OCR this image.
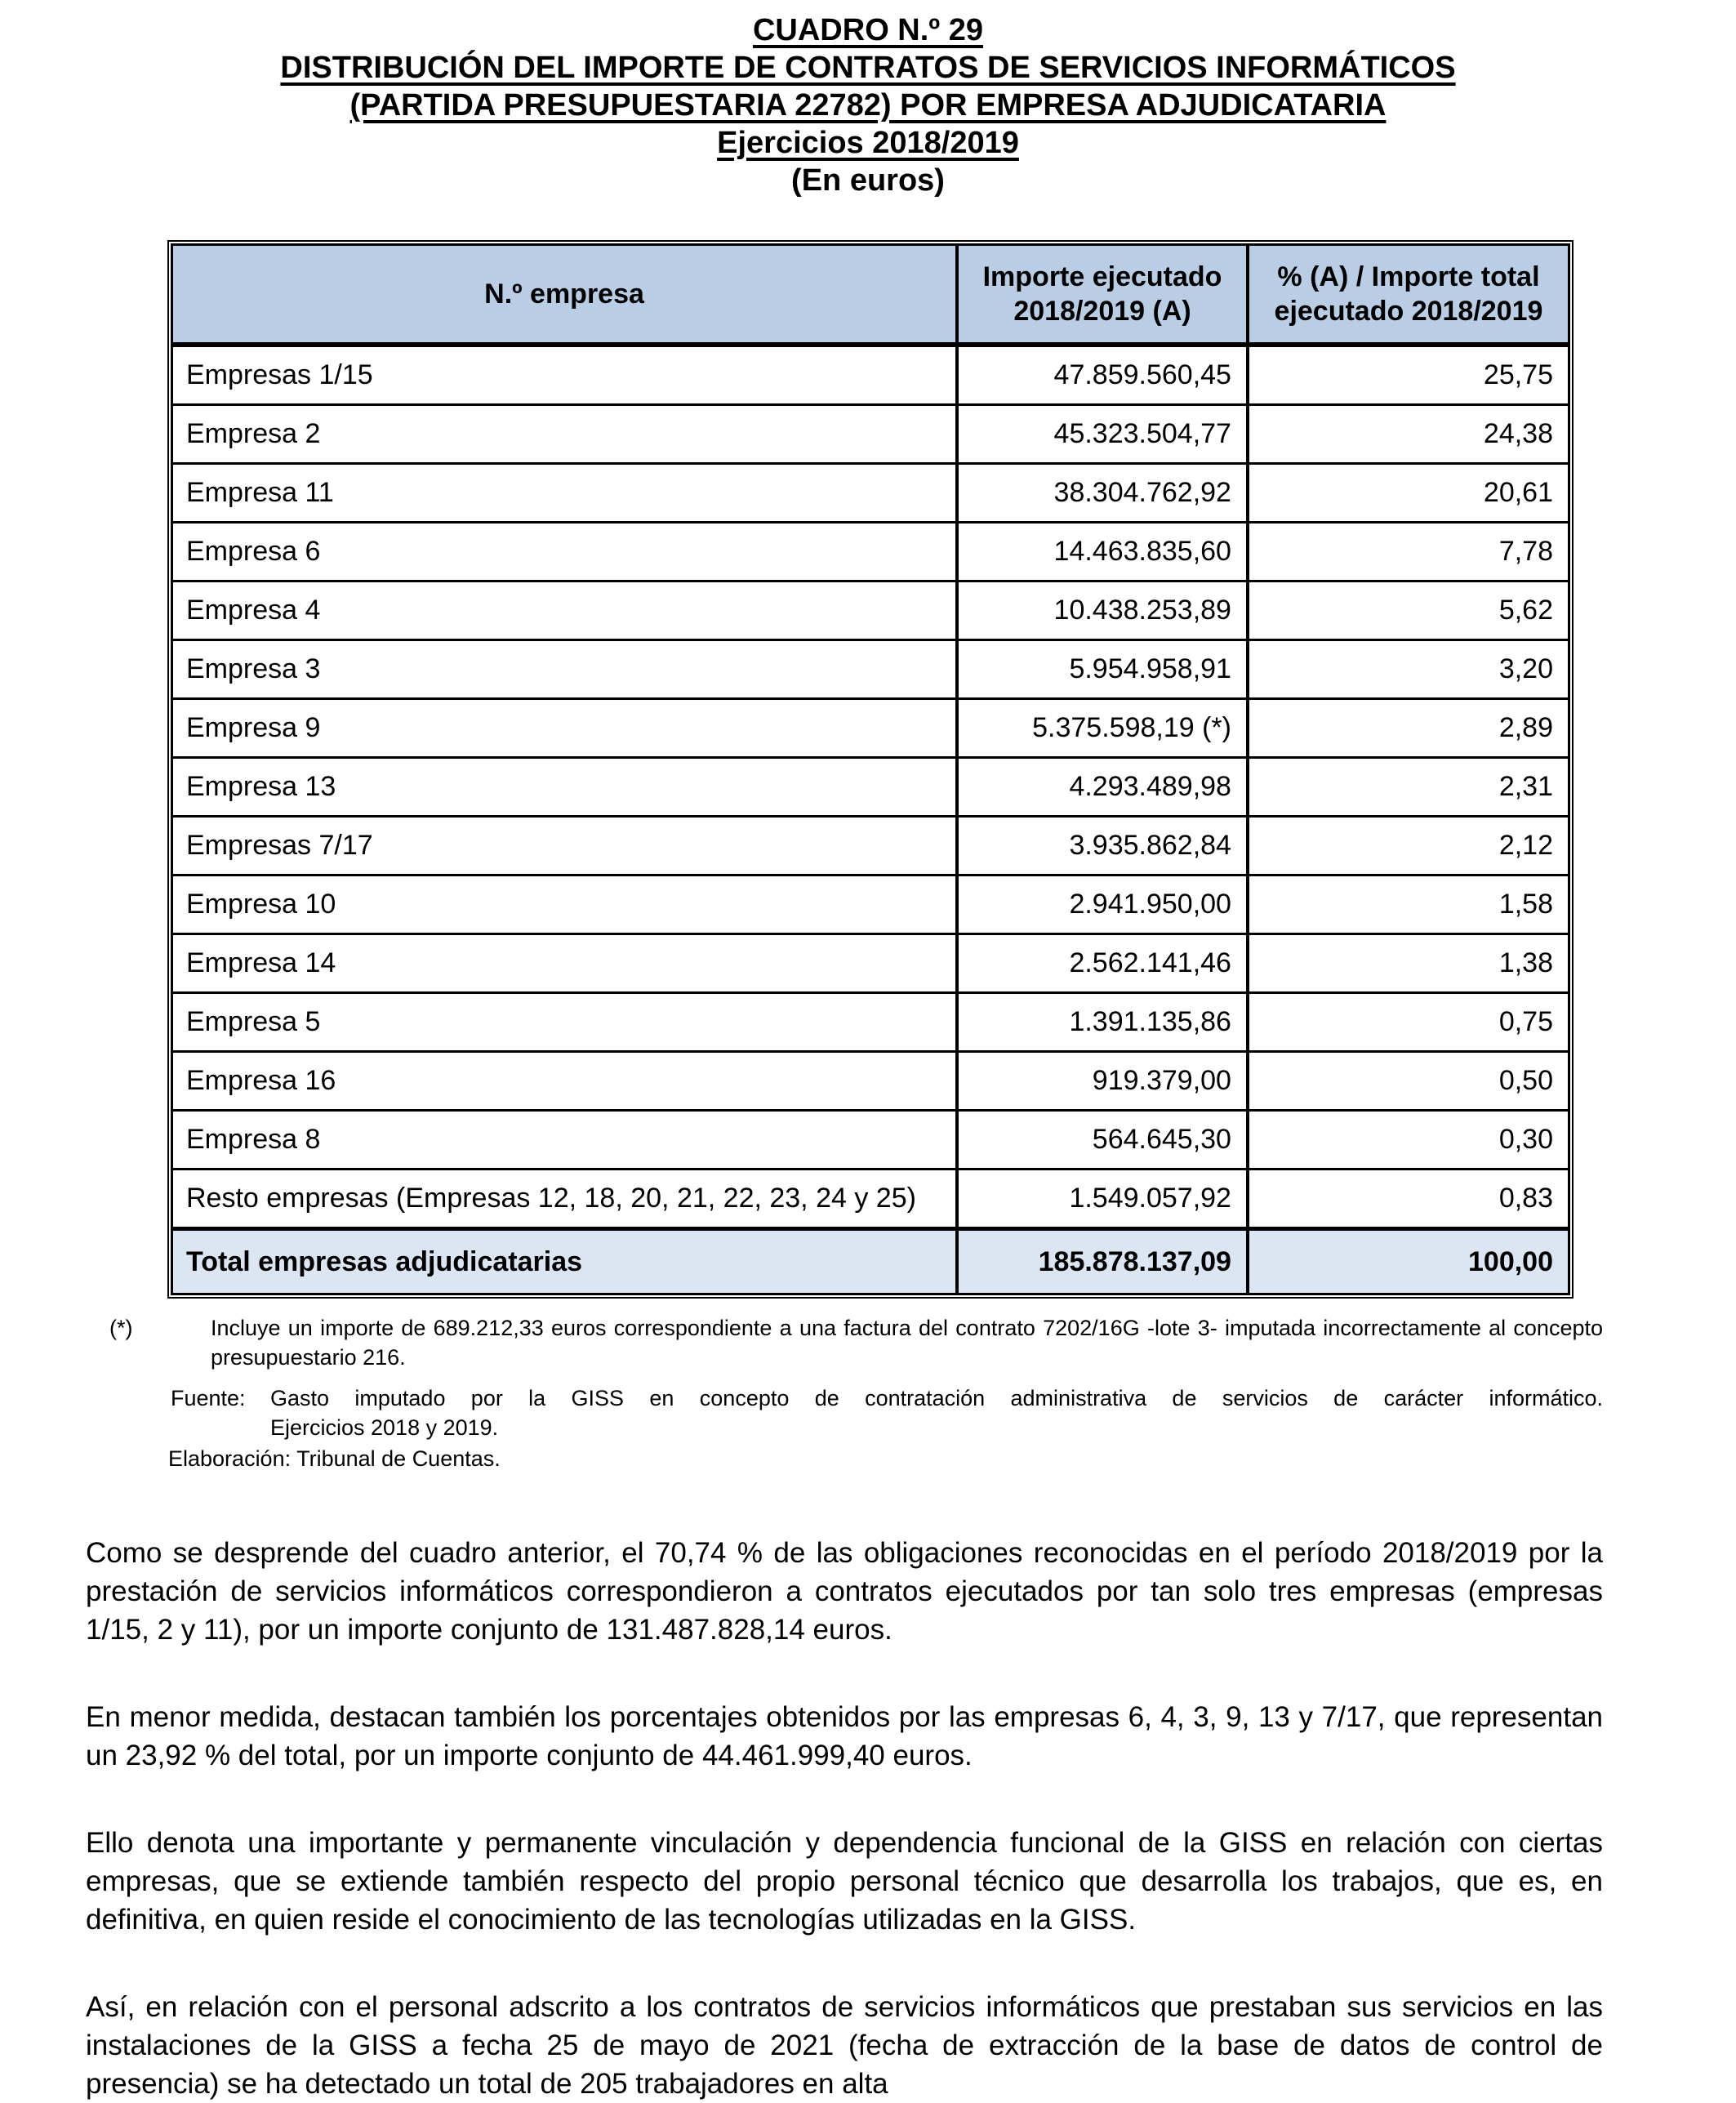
CUADRO N.º 29
DISTRIBUCIÓN DEL IMPORTE DE CONTRATOS DE SERVICIOS INFORMÁTICOS
(PARTIDA PRESUPUESTARIA 22782) POR EMPRESA ADJUDICATARIA
Ejercicios 2018/2019
(En euros)
N.º empresa

Importe ejecutado
2018/2019 (A)

% (A) / Importe total
ejecutado 2018/2019

Empresas 1/15	47.859.560,45	25,75
Empresa 2	45.323.504,77	24,38
Empresa 11	38.304.762,92	20,61
Empresa 6	14.463.835,60	7,78
Empresa 4	10.438.253,89	5,62
Empresa 3	5.954.958,91	3,20
Empresa 9	5.375.598,19 (*)	2,89
Empresa 13	4.293.489,98	2,31
Empresas 7/17	3.935.862,84	2,12
Empresa 10	2.941.950,00	1,58
Empresa 14	2.562.141,46	1,38
Empresa 5	1.391.135,86	0,75
Empresa 16	919.379,00	0,50
Empresa 8	564.645,30	0,30
Resto empresas (Empresas 12, 18, 20, 21, 22, 23, 24 y 25)	1.549.057,92	0,83
Total empresas adjudicatarias	185.878.137,09	100,00
(*)	Incluye un importe de 689.212,33 euros correspondiente a una factura del contrato 7202/16G -lote 3- imputada incorrectamente al concepto presupuestario 216.
Fuente:	Gasto imputado por la GISS en concepto de contratación administrativa de servicios de carácter informático.
Ejercicios 2018 y 2019.
Elaboración: Tribunal de Cuentas.

Como se desprende del cuadro anterior, el 70,74 % de las obligaciones reconocidas en el período 2018/2019 por la prestación de servicios informáticos correspondieron a contratos ejecutados por tan solo tres empresas (empresas 1/15, 2 y 11), por un importe conjunto de 131.487.828,14 euros.

En menor medida, destacan también los porcentajes obtenidos por las empresas 6, 4, 3, 9, 13 y 7/17, que representan un 23,92 % del total, por un importe conjunto de 44.461.999,40 euros.

Ello denota una importante y permanente vinculación y dependencia funcional de la GISS en relación con ciertas empresas, que se extiende también respecto del propio personal técnico que desarrolla los trabajos, que es, en definitiva, en quien reside el conocimiento de las tecnologías utilizadas en la GISS.

Así, en relación con el personal adscrito a los contratos de servicios informáticos que prestaban sus servicios en las instalaciones de la GISS a fecha 25 de mayo de 2021 (fecha de extracción de la base de datos de control de presencia) se ha detectado un total de 205 trabajadores en alta
